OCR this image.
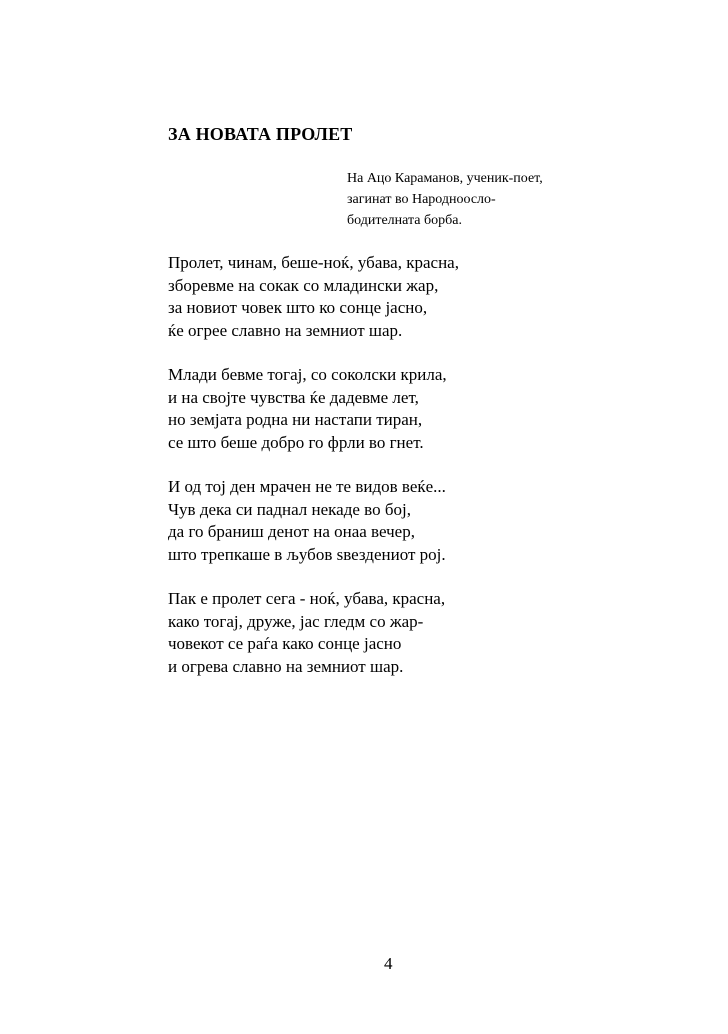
ЗА НОВАТА ПРОЛЕТ
На Ацо Караманов, ученик-поет,
загинат во Народноосло-
бодителната борба.
Пролет, чинам, беше-ноќ, убава, красна,
зборевме на сокак со младински жар,
за новиот човек што ко сонце јасно,
ќе огрее славно на земниот шар.
Млади бевме тогај, со соколски крила,
и на својте чувства ќе дадевме лет,
но земјата родна ни настапи тиран,
се што беше добро го фрли во гнет.
И од тој ден мрачен не те видов веќе...
Чув дека си паднал некаде во бој,
да го браниш денот на онаа вечер,
што трепкаше в љубов ѕвездениот рој.
Пак е пролет сега - ноќ, убава, красна,
како тогај, друже, јас гледм со жар-
човекот се раѓа како сонце јасно
и огрева славно на земниот шар.
4
